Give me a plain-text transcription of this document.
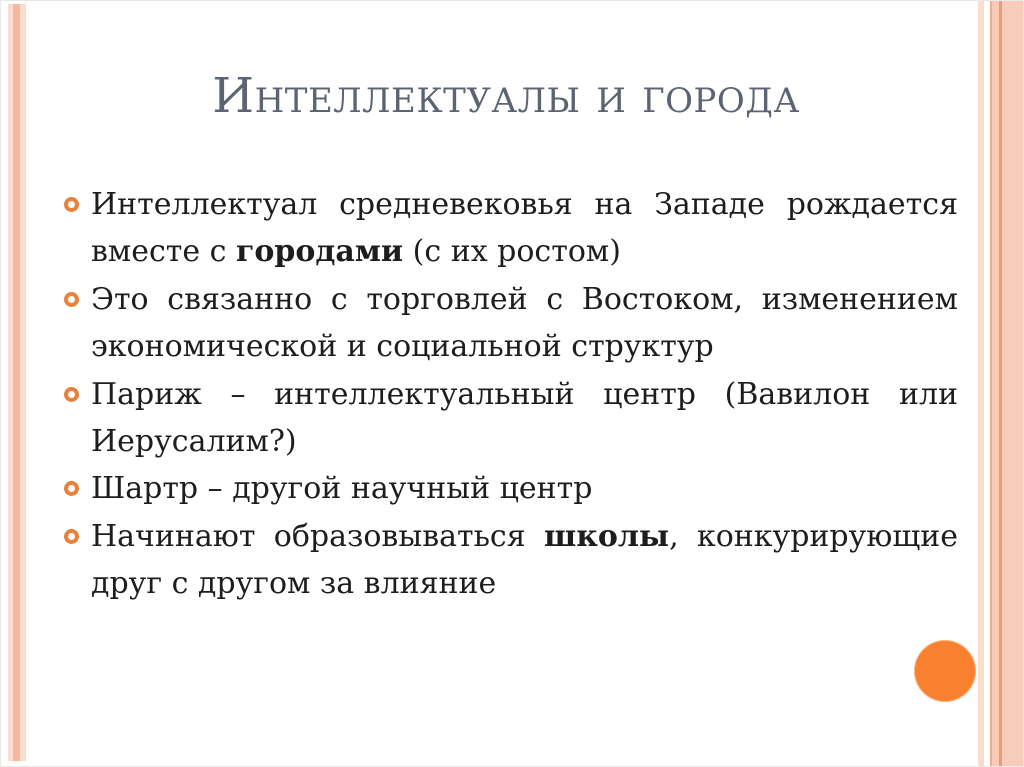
Интеллектуалы и города
Интеллектуал средневековья на Западе рождается
вместе с городами (с их ростом)
Это связанно с торговлей с Востоком, изменением
экономической и социальной структур
Париж – интеллектуальный центр (Вавилон или
Иерусалим?)
Шартр – другой научный центр
Начинают образовываться школы, конкурирующие
друг с другом за влияние
